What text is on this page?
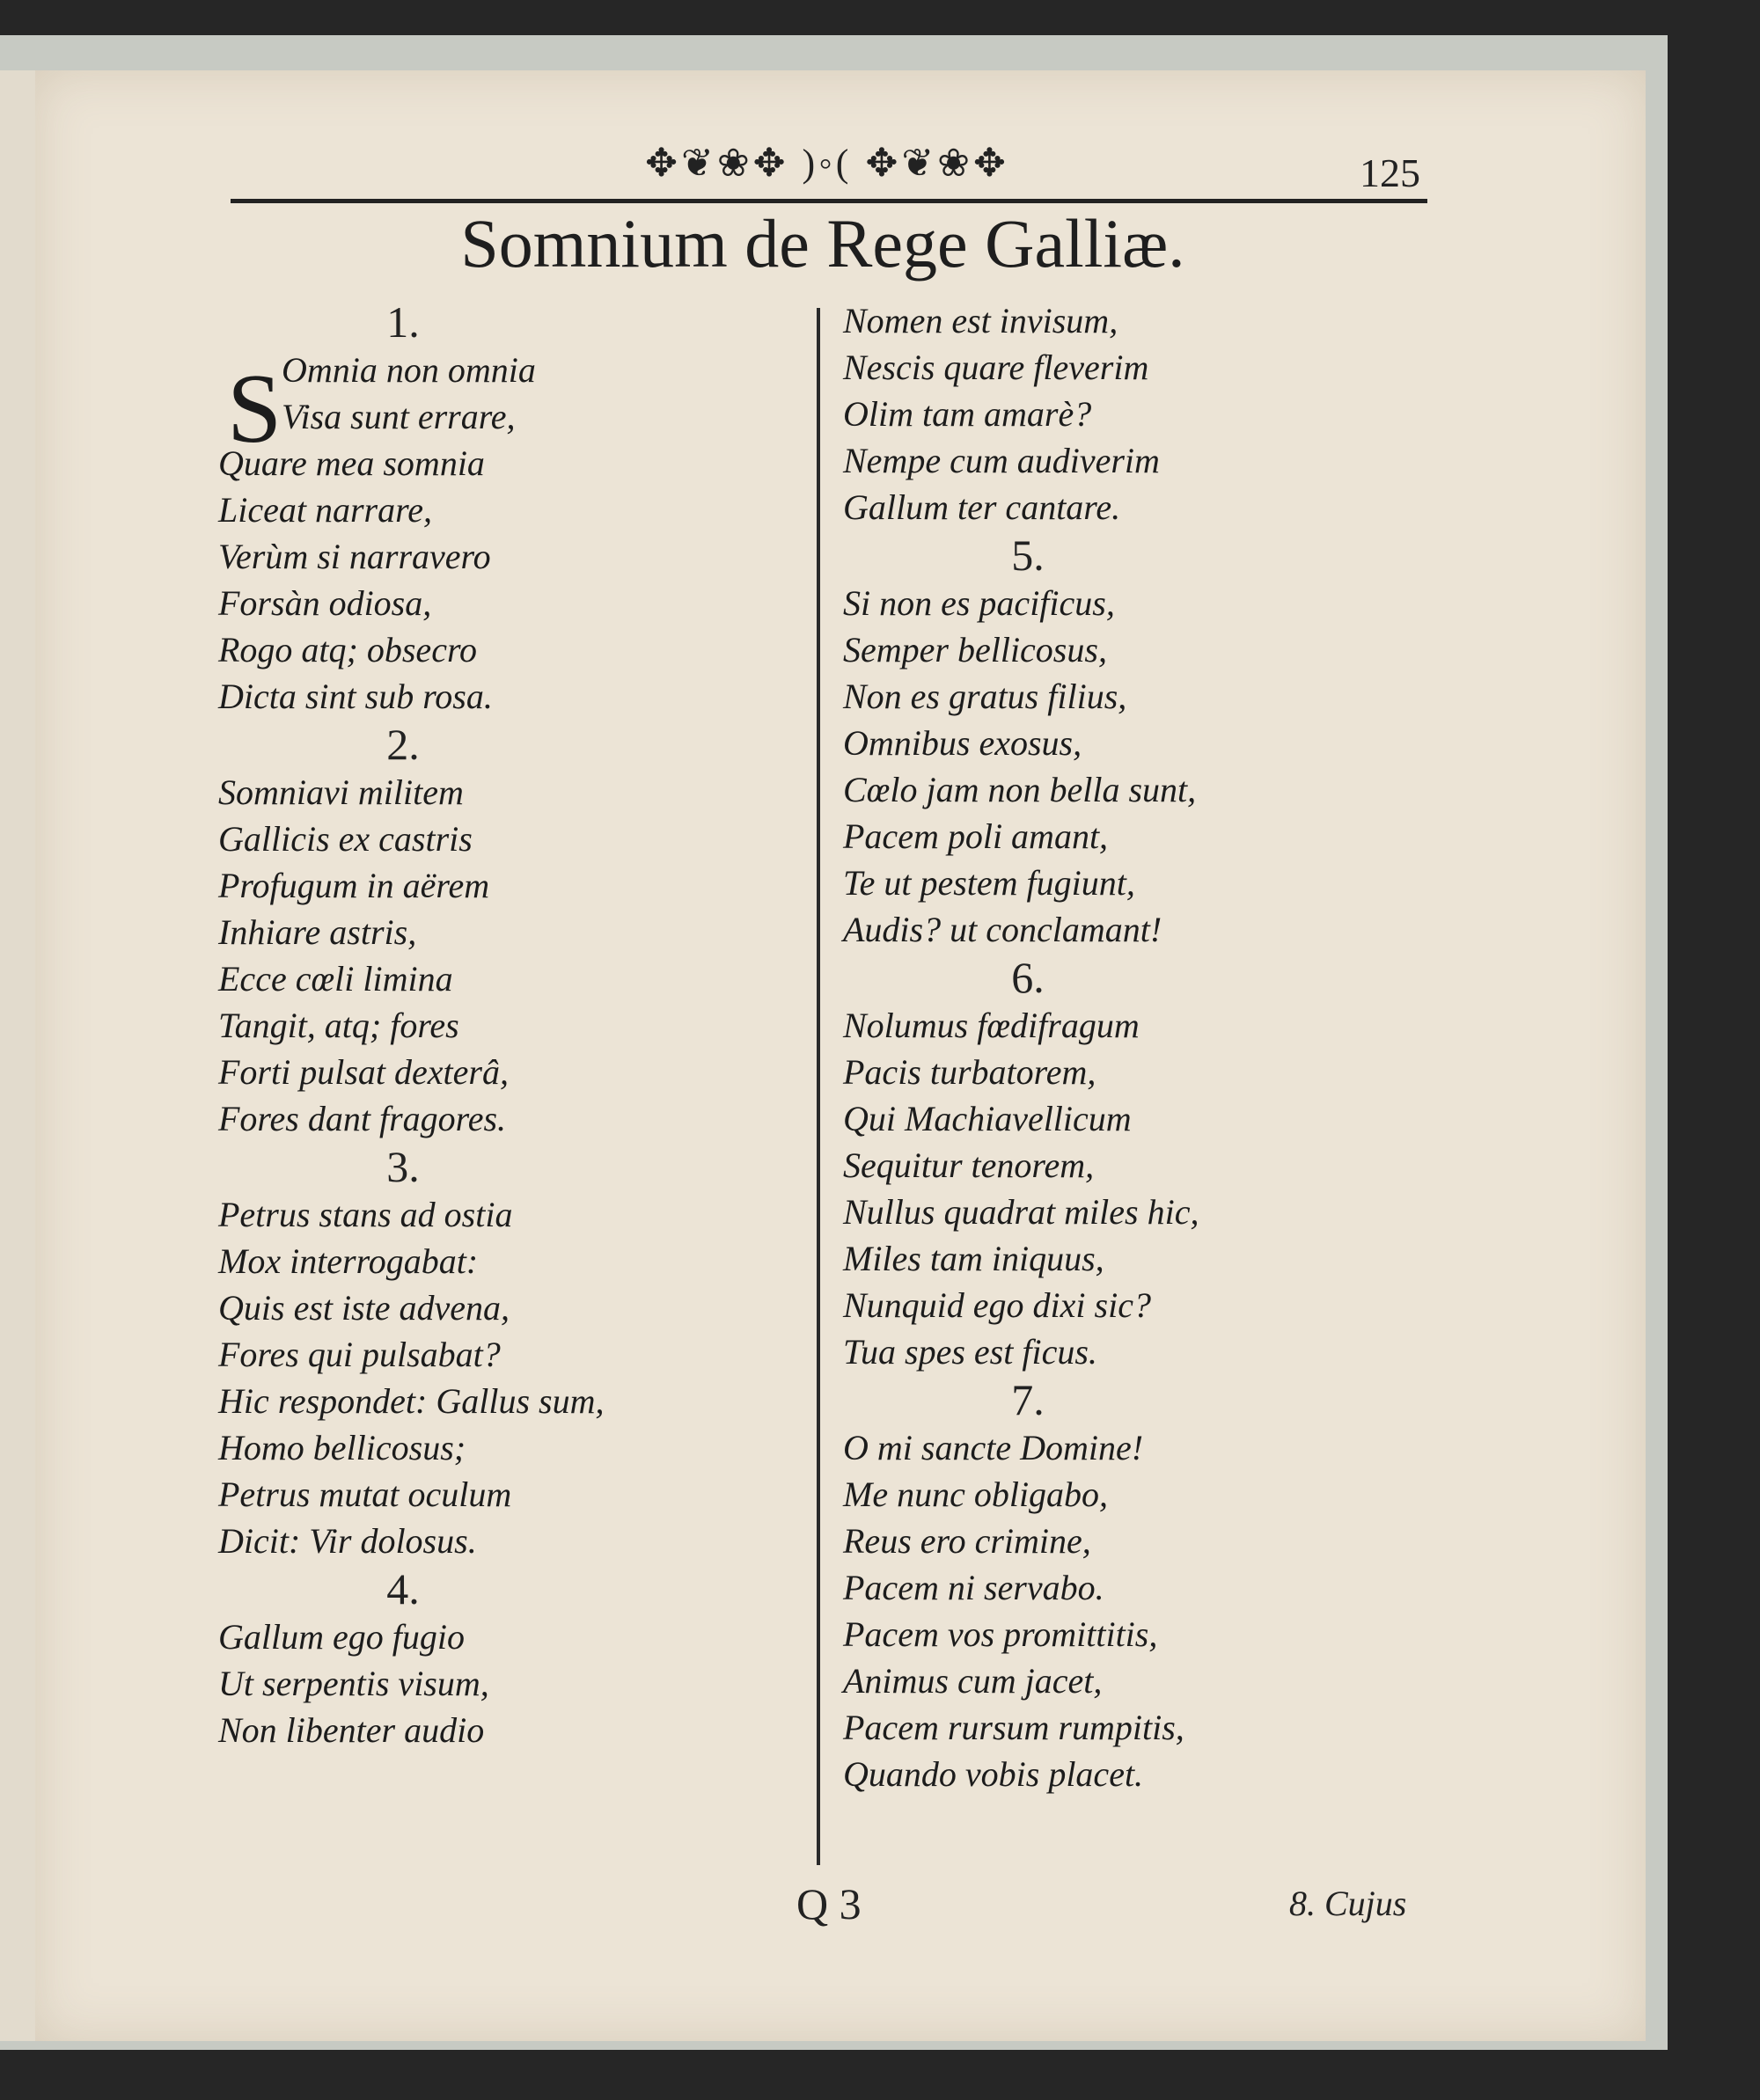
✥❦❀✥ )◦( ✥❦❀✥	125
Somnium de Rege Galliæ.
1.
S Omnia non omnia
Visa sunt errare,
Quare mea somnia
Liceat narrare,
Verùm si narravero
Forsàn odiosa,
Rogo atq; obsecro
Dicta sint sub rosa.
2.
Somniavi militem
Gallicis ex castris
Profugum in aërem
Inhiare astris,
Ecce cœli limina
Tangit, atq; fores
Forti pulsat dexterâ,
Fores dant fragores.
3.
Petrus stans ad ostia
Mox interrogabat:
Quis est iste advena,
Fores qui pulsabat?
Hic respondet: Gallus sum,
Homo bellicosus;
Petrus mutat oculum
Dicit: Vir dolosus.
4.
Gallum ego fugio
Ut serpentis visum,
Non libenter audio
Nomen est invisum,
Nescis quare fleverim
Olim tam amarè?
Nempe cum audiverim
Gallum ter cantare.
5.
Si non es pacificus,
Semper bellicosus,
Non es gratus filius,
Omnibus exosus,
Cœlo jam non bella sunt,
Pacem poli amant,
Te ut pestem fugiunt,
Audis? ut conclamant!
6.
Nolumus fœdifragum
Pacis turbatorem,
Qui Machiavellicum
Sequitur tenorem,
Nullus quadrat miles hic,
Miles tam iniquus,
Nunquid ego dixi sic?
Tua spes est ficus.
7.
O mi sancte Domine!
Me nunc obligabo,
Reus ero crimine,
Pacem ni servabo.
Pacem vos promittitis,
Animus cum jacet,
Pacem rursum rumpitis,
Quando vobis placet.
Q 3	8. Cujus
